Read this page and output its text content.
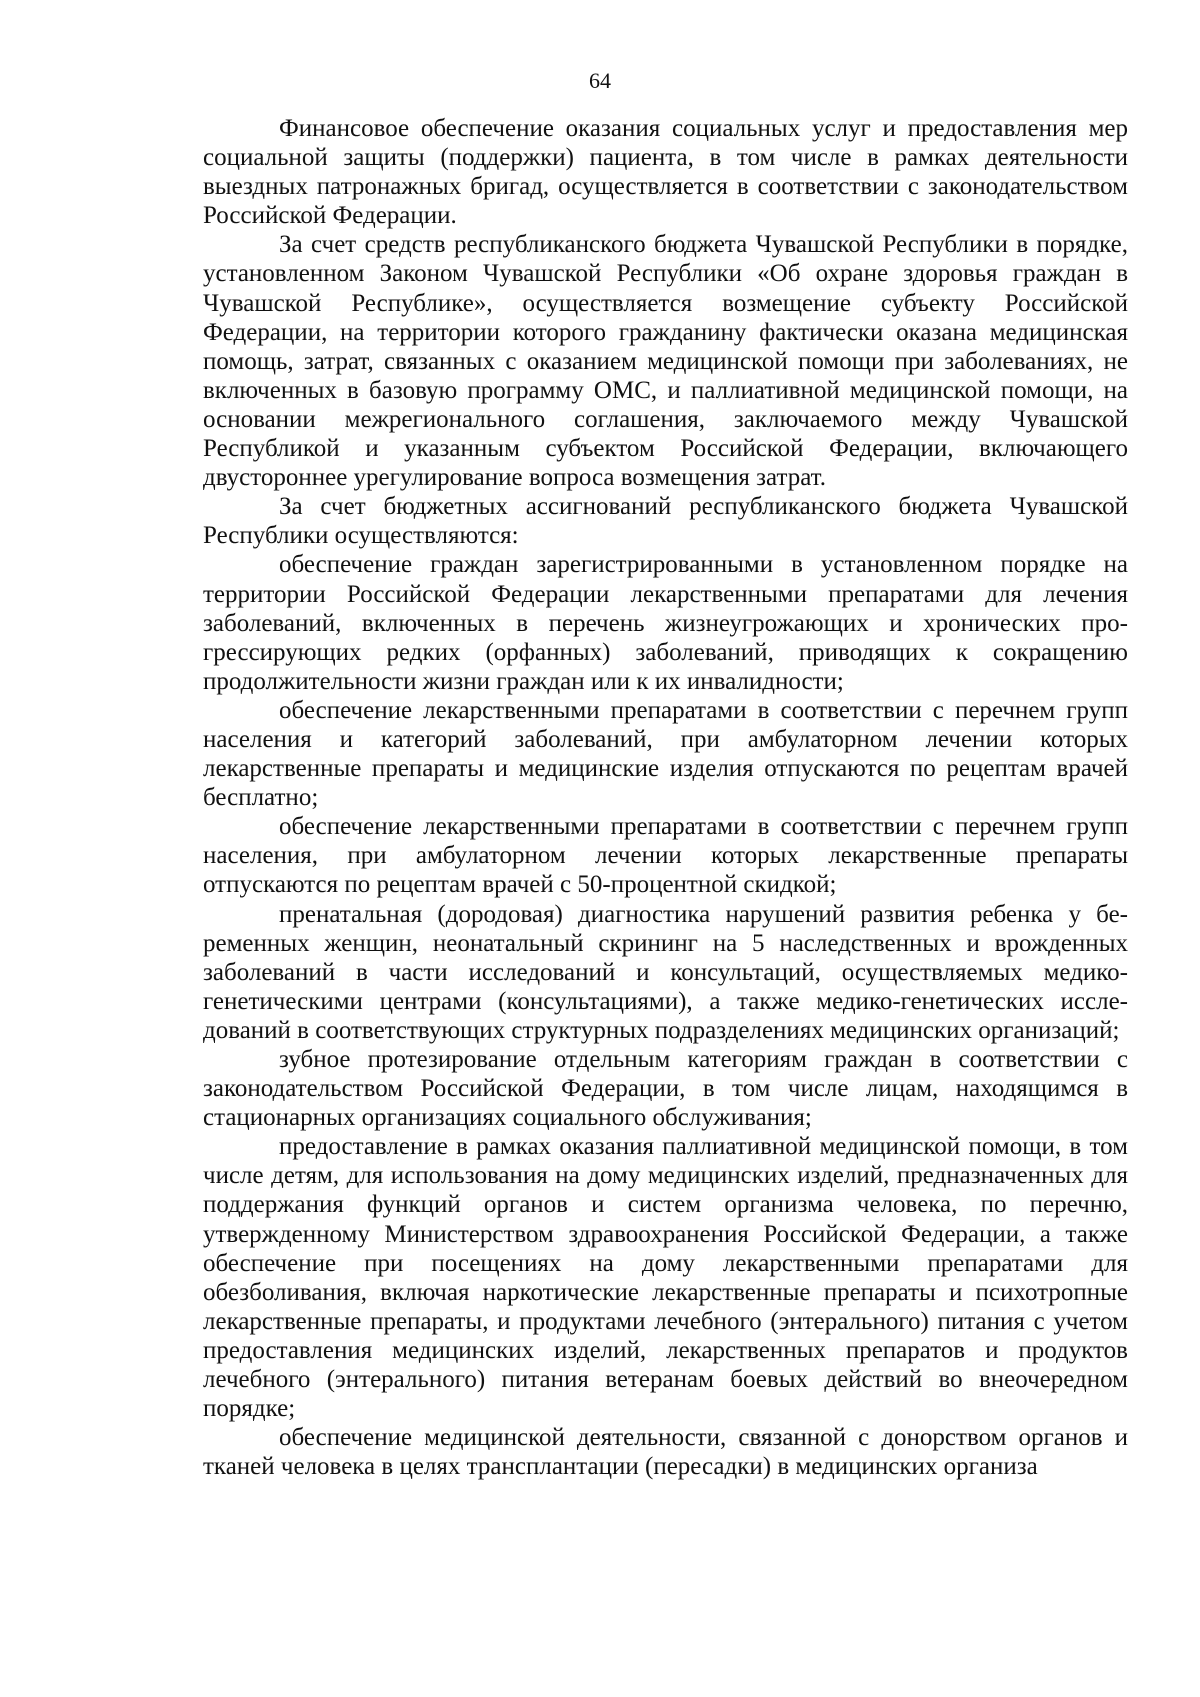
64

Финансовое обеспечение оказания социальных услуг и предоставления мер социальной защиты (поддержки) пациента, в том числе в рамках деятельности выездных патронажных бригад, осуществляется в соответствии с законодательством Российской Федерации.

За счет средств республиканского бюджета Чувашской Республики в порядке, установленном Законом Чувашской Республики «Об охране здоровья граждан в Чувашской Республике», осуществляется возмещение субъекту Российской Федерации, на территории которого гражданину фактически оказана медицинская помощь, затрат, связанных с оказанием медицинской помощи при заболеваниях, не включенных в базовую программу ОМС, и паллиативной медицинской помощи, на основании межрегионального соглашения, заключаемого между Чувашской Республикой и указанным субъектом Российской Федерации, включающего двустороннее урегулирование вопроса возмещения затрат.

За счет бюджетных ассигнований республиканского бюджета Чувашской Республики осуществляются:

обеспечение граждан зарегистрированными в установленном порядке на территории Российской Федерации лекарственными препаратами для лечения заболеваний, включенных в перечень жизнеугрожающих и хронических прогрессирующих редких (орфанных) заболеваний, приводящих к сокращению продолжительности жизни граждан или к их инвалидности;

обеспечение лекарственными препаратами в соответствии с перечнем групп населения и категорий заболеваний, при амбулаторном лечении которых лекарственные препараты и медицинские изделия отпускаются по рецептам врачей бесплатно;

обеспечение лекарственными препаратами в соответствии с перечнем групп населения, при амбулаторном лечении которых лекарственные препараты отпускаются по рецептам врачей с 50-процентной скидкой;

пренатальная (дородовая) диагностика нарушений развития ребенка у беременных женщин, неонатальный скрининг на 5 наследственных и врожденных заболеваний в части исследований и консультаций, осуществляемых медико-генетическими центрами (консультациями), а также медико-генетических исследований в соответствующих структурных подразделениях медицинских организаций;

зубное протезирование отдельным категориям граждан в соответствии с законодательством Российской Федерации, в том числе лицам, находящимся в стационарных организациях социального обслуживания;

предоставление в рамках оказания паллиативной медицинской помощи, в том числе детям, для использования на дому медицинских изделий, предназначенных для поддержания функций органов и систем организма человека, по перечню, утвержденному Министерством здравоохранения Российской Федерации, а также обеспечение при посещениях на дому лекарственными препаратами для обезболивания, включая наркотические лекарственные препараты и психотропные лекарственные препараты, и продуктами лечебного (энтерального) питания с учетом предоставления медицинских изделий, лекарственных препаратов и продуктов лечебного (энтерального) питания ветеранам боевых действий во внеочередном порядке;

обеспечение медицинской деятельности, связанной с донорством органов и тканей человека в целях трансплантации (пересадки) в медицинских организа
